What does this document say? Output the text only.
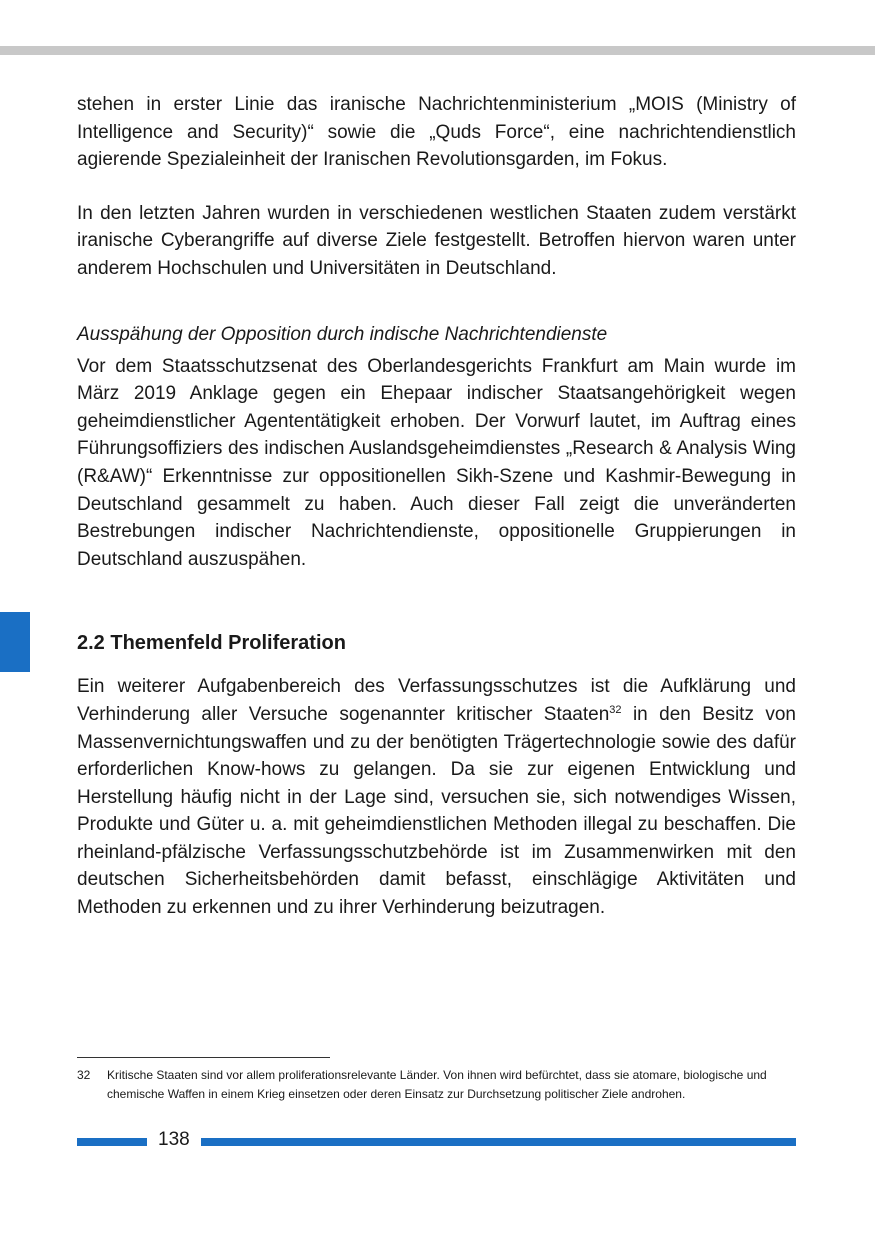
stehen in erster Linie das iranische Nachrichtenministerium „MOIS (Ministry of Intelligence and Security)“ sowie die „Quds Force“, eine nachrichtendienstlich agierende Spezialeinheit der Iranischen Revolutionsgarden, im Fokus.

In den letzten Jahren wurden in verschiedenen westlichen Staaten zudem verstärkt iranische Cyberangriffe auf diverse Ziele festgestellt. Betroffen hiervon waren unter anderem Hochschulen und Universitäten in Deutschland.

Ausspähung der Opposition durch indische Nachrichtendienste

Vor dem Staatsschutzsenat des Oberlandesgerichts Frankfurt am Main wurde im März 2019 Anklage gegen ein Ehepaar indischer Staatsangehörigkeit wegen geheimdienstlicher Agententätigkeit erhoben. Der Vorwurf lautet, im Auftrag eines Führungsoffiziers des indischen Auslandsgeheimdienstes „Research & Analysis Wing (R&AW)“ Erkenntnisse zur oppositionellen Sikh-Szene und Kashmir-Bewegung in Deutschland gesammelt zu haben. Auch dieser Fall zeigt die unveränderten Bestrebungen indischer Nachrichtendienste, oppositionelle Gruppierungen in Deutschland auszuspähen.

2.2 Themenfeld Proliferation

Ein weiterer Aufgabenbereich des Verfassungsschutzes ist die Aufklärung und Verhinderung aller Versuche sogenannter kritischer Staaten$^{32}$ in den Besitz von Massenvernichtungswaffen und zu der benötigten Trägertechnologie sowie des dafür erforderlichen Know-hows zu gelangen. Da sie zur eigenen Entwicklung und Herstellung häufig nicht in der Lage sind, versuchen sie, sich notwendiges Wissen, Produkte und Güter u. a. mit geheimdienstlichen Methoden illegal zu beschaffen. Die rheinland-pfälzische Verfassungsschutzbehörde ist im Zusammenwirken mit den deutschen Sicherheitsbehörden damit befasst, einschlägige Aktivitäten und Methoden zu erkennen und zu ihrer Verhinderung beizutragen.

32 Kritische Staaten sind vor allem proliferationsrelevante Länder. Von ihnen wird befürchtet, dass sie atomare, biologische und chemische Waffen in einem Krieg einsetzen oder deren Einsatz zur Durchsetzung politischer Ziele androhen.
138
